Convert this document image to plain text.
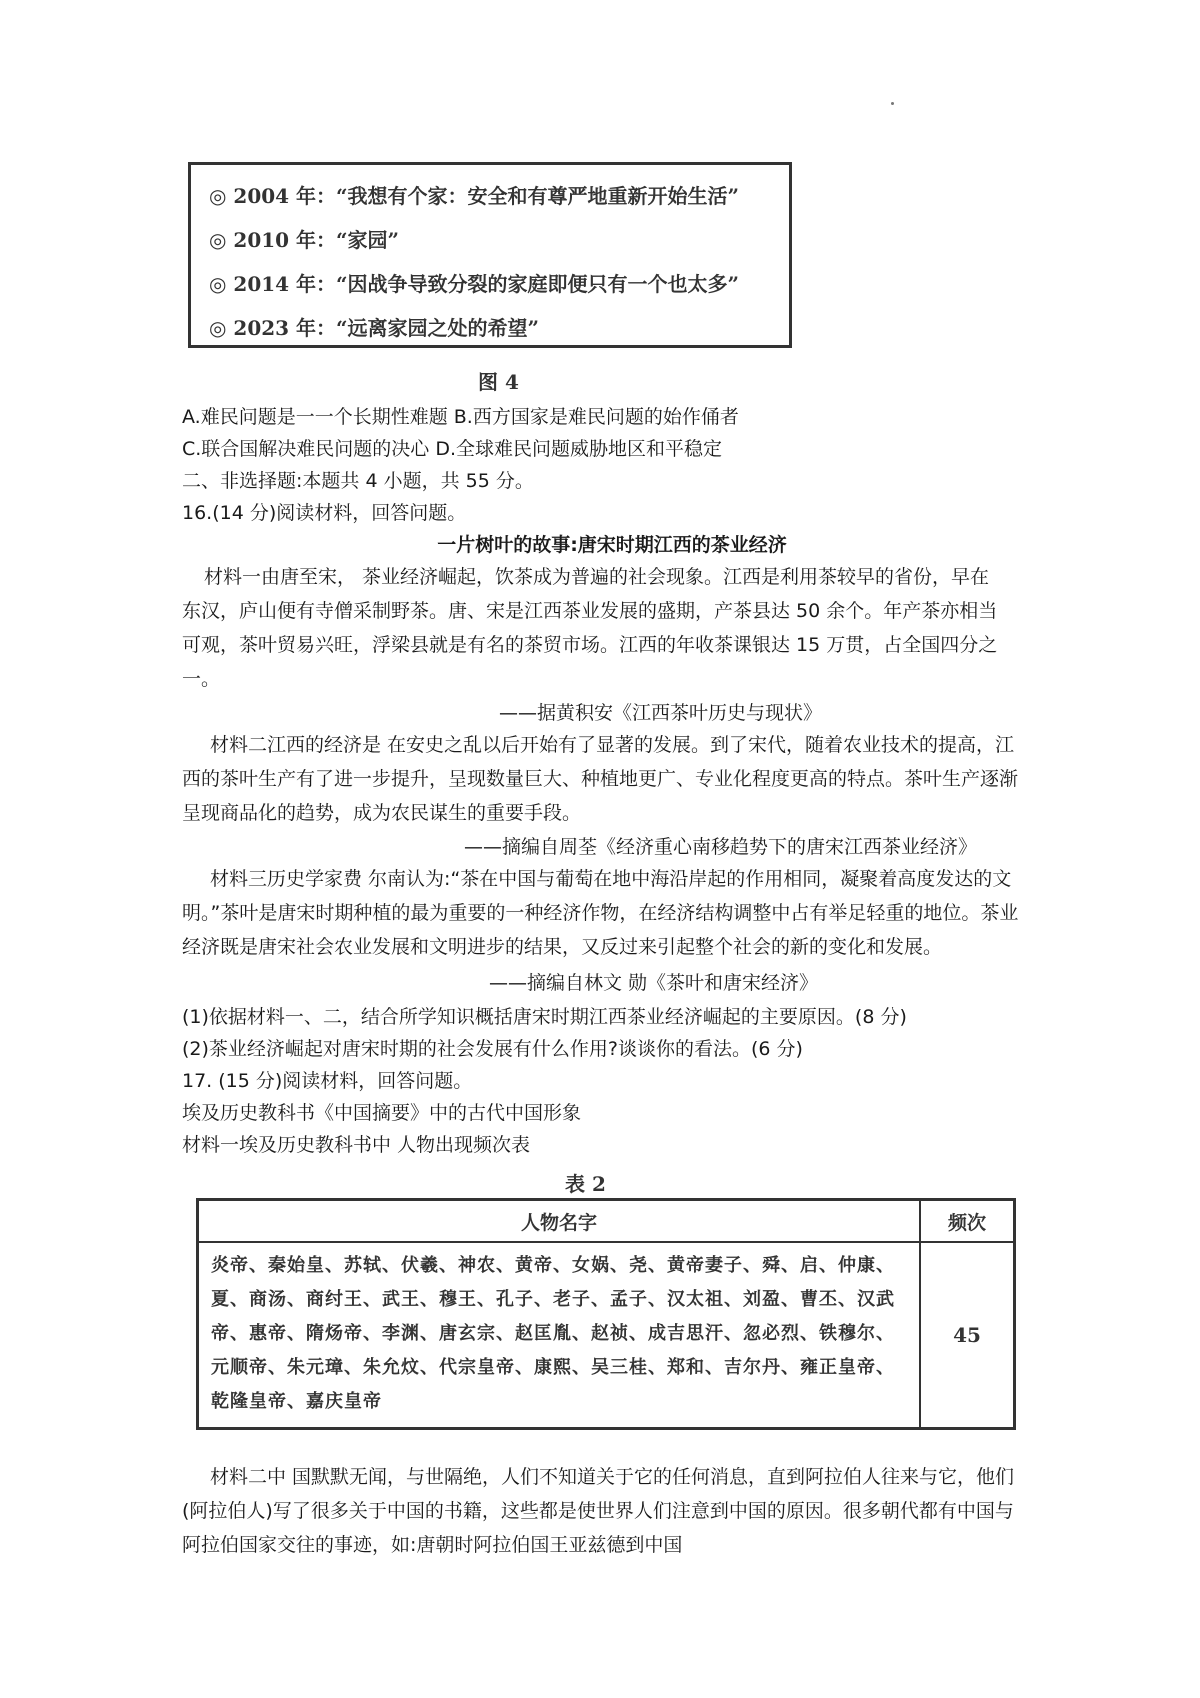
◎ 2004 年：“我想有个家：安全和有尊严地重新开始生活”
◎ 2010 年：“家园”
◎ 2014 年：“因战争导致分裂的家庭即便只有一个也太多”
◎ 2023 年：“远离家园之处的希望”
图 4
A.难民问题是一一个长期性难题 B.西方国家是难民问题的始作俑者
C.联合国解决难民问题的决心 D.全球难民问题威胁地区和平稳定
二、非选择题:本题共 4 小题，共 55 分。
16.(14 分)阅读材料，回答问题。
一片树叶的故事:唐宋时期江西的茶业经济
材料一由唐至宋， 茶业经济崛起，饮茶成为普遍的社会现象。江西是利用茶较早的省份，早在东汉，庐山便有寺僧采制野茶。唐、宋是江西茶业发展的盛期，产茶县达 50 余个。年产茶亦相当可观，茶叶贸易兴旺，浮梁县就是有名的茶贸市场。江西的年收茶课银达 15 万贯，占全国四分之一。
——据黄积安《江西茶叶历史与现状》
材料二江西的经济是 在安史之乱以后开始有了显著的发展。到了宋代，随着农业技术的提高，江西的茶叶生产有了进一步提升，呈现数量巨大、种植地更广、专业化程度更高的特点。茶叶生产逐渐呈现商品化的趋势，成为农民谋生的重要手段。
——摘编自周荃《经济重心南移趋势下的唐宋江西茶业经济》
材料三历史学家费 尔南认为:“茶在中国与葡萄在地中海沿岸起的作用相同，凝聚着高度发达的文明。”茶叶是唐宋时期种植的最为重要的一种经济作物，在经济结构调整中占有举足轻重的地位。茶业经济既是唐宋社会农业发展和文明进步的结果，又反过来引起整个社会的新的变化和发展。
——摘编自林文 勋《茶叶和唐宋经济》
(1)依据材料一、二，结合所学知识概括唐宋时期江西茶业经济崛起的主要原因。(8 分)
(2)茶业经济崛起对唐宋时期的社会发展有什么作用?谈谈你的看法。(6 分)
17. (15 分)阅读材料，回答问题。
埃及历史教科书《中国摘要》中的古代中国形象
材料一埃及历史教科书中 人物出现频次表
表 2
人物名字	频次
炎帝、秦始皇、苏轼、伏羲、神农、黄帝、女娲、尧、黄帝妻子、舜、启、仲康、夏、商汤、商纣王、武王、穆王、孔子、老子、孟子、汉太祖、刘盈、曹丕、汉武帝、惠帝、隋炀帝、李渊、唐玄宗、赵匡胤、赵祯、成吉思汗、忽必烈、铁穆尔、元顺帝、朱元璋、朱允炆、代宗皇帝、康熙、吴三桂、郑和、吉尔丹、雍正皇帝、乾隆皇帝、嘉庆皇帝	45
材料二中 国默默无闻，与世隔绝，人们不知道关于它的任何消息，直到阿拉伯人往来与它，他们(阿拉伯人)写了很多关于中国的书籍，这些都是使世界人们注意到中国的原因。很多朝代都有中国与阿拉伯国家交往的事迹，如:唐朝时阿拉伯国王亚兹德到中国
